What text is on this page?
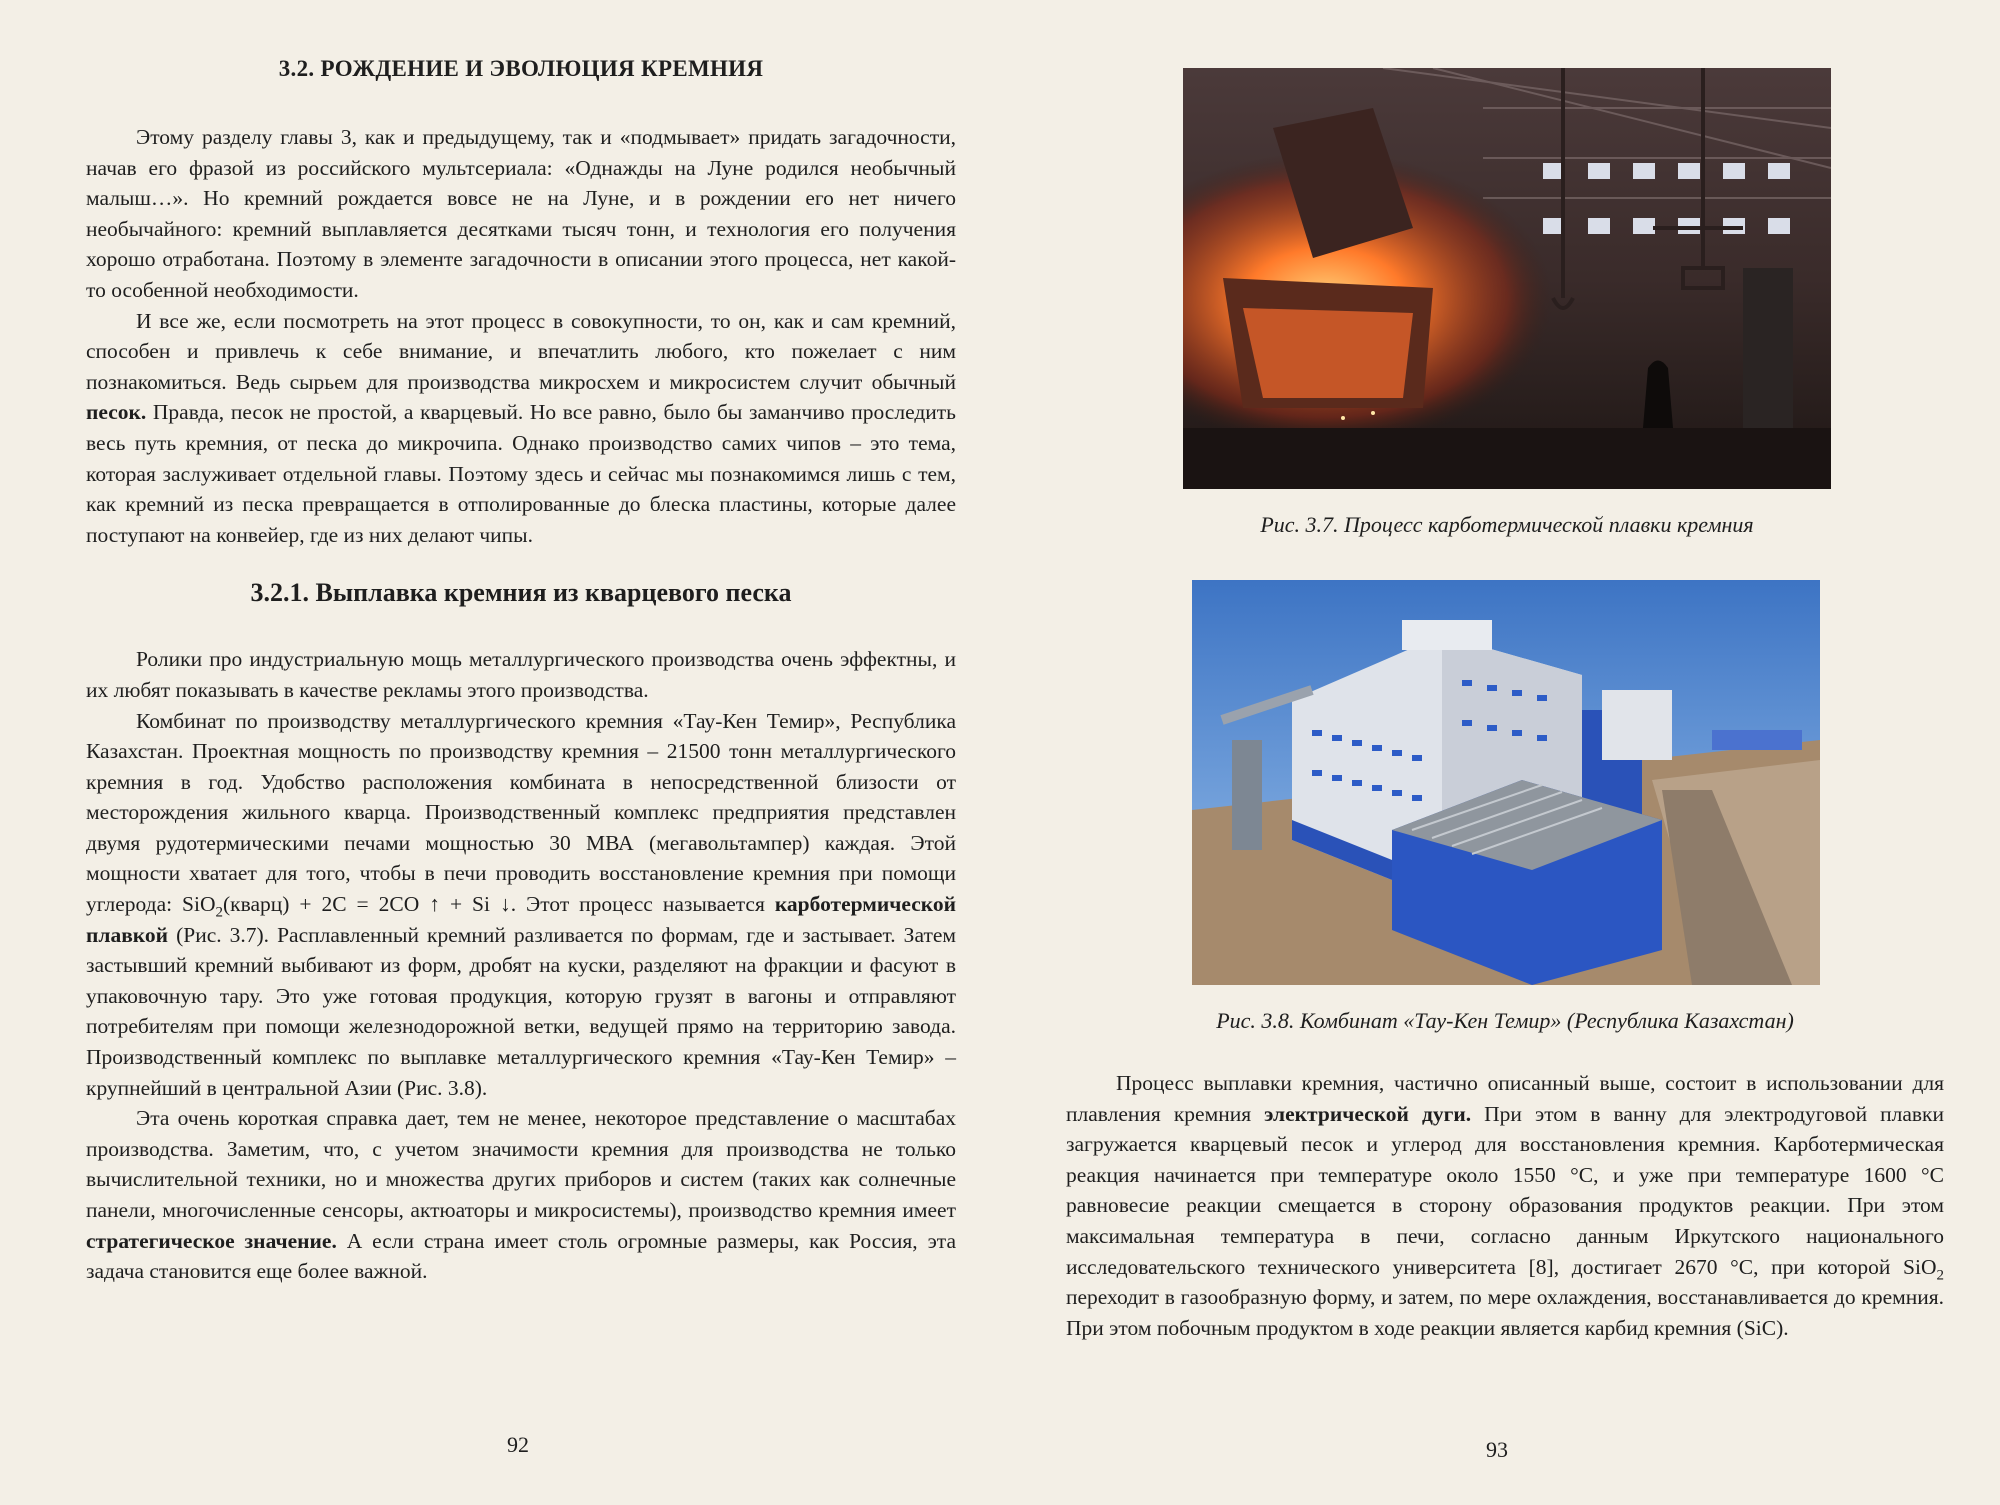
3.2. РОЖДЕНИЕ И ЭВОЛЮЦИЯ КРЕМНИЯ

Этому разделу главы 3, как и предыдущему, так и «подмывает» придать загадочности, начав его фразой из российского мультсериала: «Однажды на Луне родился необычный малыш…». Но кремний рождается вовсе не на Луне, и в рождении его нет ничего необычайного: кремний выплавляется десятками тысяч тонн, и технология его получения хорошо отработана. Поэтому в элементе загадочности в описании этого процесса, нет какой-то особенной необходимости.

И все же, если посмотреть на этот процесс в совокупности, то он, как и сам кремний, способен и привлечь к себе внимание, и впечатлить любого, кто пожелает с ним познакомиться. Ведь сырьем для производства микросхем и микросистем случит обычный песок. Правда, песок не простой, а кварцевый. Но все равно, было бы заманчиво проследить весь путь кремния, от песка до микрочипа. Однако производство самих чипов – это тема, которая заслуживает отдельной главы. Поэтому здесь и сейчас мы познакомимся лишь с тем, как кремний из песка превращается в отполированные до блеска пластины, которые далее поступают на конвейер, где из них делают чипы.

3.2.1. Выплавка кремния из кварцевого песка

Ролики про индустриальную мощь металлургического производства очень эффектны, и их любят показывать в качестве рекламы этого производства.

Комбинат по производству металлургического кремния «Тау-Кен Темир», Республика Казахстан. Проектная мощность по производству кремния – 21500 тонн металлургического кремния в год. Удобство расположения комбината в непосредственной близости от месторождения жильного кварца. Производственный комплекс предприятия представлен двумя рудотермическими печами мощностью 30 МВА (мегавольтампер) каждая. Этой мощности хватает для того, чтобы в печи проводить восстановление кремния при помощи углерода: SiO$_2$(кварц) + 2C = 2CO ↑ + Si ↓. Этот процесс называется карботермической плавкой (Рис. 3.7). Расплавленный кремний разливается по формам, где и застывает. Затем застывший кремний выбивают из форм, дробят на куски, разделяют на фракции и фасуют в упаковочную тару. Это уже готовая продукция, которую грузят в вагоны и отправляют потребителям при помощи железнодорожной ветки, ведущей прямо на территорию завода. Производственный комплекс по выплавке металлургического кремния «Тау-Кен Темир» – крупнейший в центральной Азии (Рис. 3.8).

Эта очень короткая справка дает, тем не менее, некоторое представление о масштабах производства. Заметим, что, с учетом значимости кремния для производства не только вычислительной техники, но и множества других приборов и систем (таких как солнечные панели, многочисленные сенсоры, актюаторы и микросистемы), производство кремния имеет стратегическое значение. А если страна имеет столь огромные размеры, как Россия, эта задача становится еще более важной.

92
Рис. 3.7. Процесс карботермической плавки кремния
Рис. 3.8. Комбинат «Тау-Кен Темир» (Республика Казахстан)

Процесс выплавки кремния, частично описанный выше, состоит в использовании для плавления кремния электрической дуги. При этом в ванну для электродуговой плавки загружается кварцевый песок и углерод для восстановления кремния. Карботермическая реакция начинается при температуре около 1550 °C, и уже при температуре 1600 °C равновесие реакции смещается в сторону образования продуктов реакции. При этом максимальная температура в печи, согласно данным Иркутского национального исследовательского технического университета [8], достигает 2670 °C, при которой SiO$_2$ переходит в газообразную форму, и затем, по мере охлаждения, восстанавливается до кремния. При этом побочным продуктом в ходе реакции является карбид кремния (SiC).

93
